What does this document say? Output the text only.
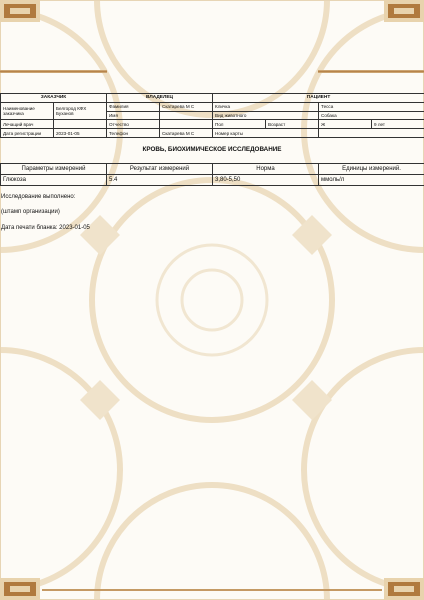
ЗАКАЗЧИК		ВЛАДЕЛЕЦ		ПАЦИЕНТ			
Наименование заказчика	Белгород КФХ Буханов	Фамилия	Скатарева М С	Кличка		Тесса	
		Имя		Вид животного		Собака	
Лечащий врач		Отчество		Пол	Возраст	Ж	9 лет
Дата регистрации	2023-01-05	Телефон	Скатарева М С	Номер карты			
КРОВЬ, БИОХИМИЧЕСКОЕ ИССЛЕДОВАНИЕ
Параметры измерений	Результат измерений	Норма	Единицы измерений.
Глюкоза	5.4	3,80-5,50	ммоль/л
Исследование выполнено:
(штамп организации)
Дата печати бланка: 2023-01-05
